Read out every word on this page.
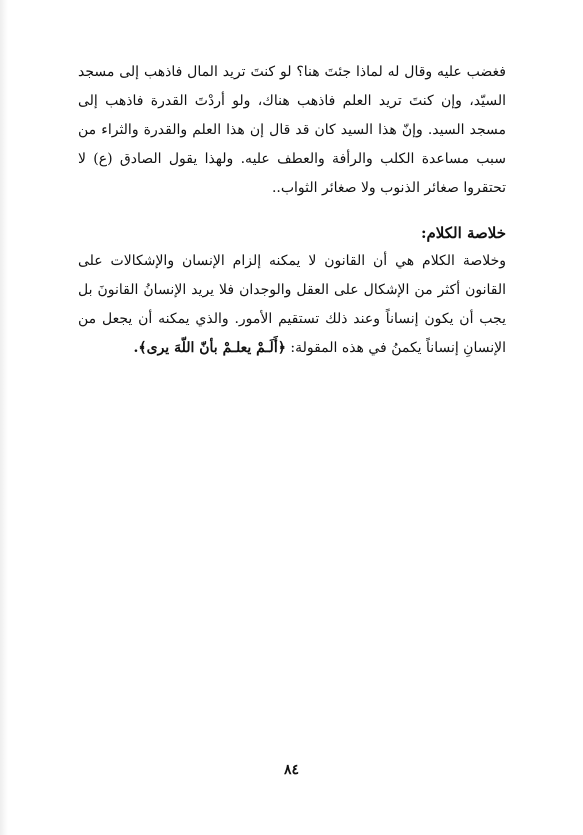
فغضب عليه وقال له لماذا جئتَ هنا؟ لو كنتَ تريد المال فاذهب إلى مسجد السيّد، وإن كنتَ تريد العلم فاذهب هناك، ولو أردْتَ القدرة فاذهب إلى مسجد السيد. وإنّ هذا السيد كان قد قال إن هذا العلم والقدرة والثراء من سبب مساعدة الكلب والرأفة والعطف عليه. ولهذا يقول الصادق (ع) لا تحتقروا صغائر الذنوب ولا صغائر الثواب..

خلاصة الكلام:

وخلاصة الكلام هي أن القانون لا يمكنه إلزام الإنسان والإشكالات على القانون أكثر من الإشكال على العقل والوجدان فلا يريد الإنسانُ القانونَ بل يجب أن يكون إنساناً وعند ذلك تستقيم الأمور. والذي يمكنه أن يجعل من الإنسانِ إنساناً يكمنُ في هذه المقولة: ﴿أَلَـمْ يعلـمْ بأنّ اللّهَ يرى﴾.

٨٤
